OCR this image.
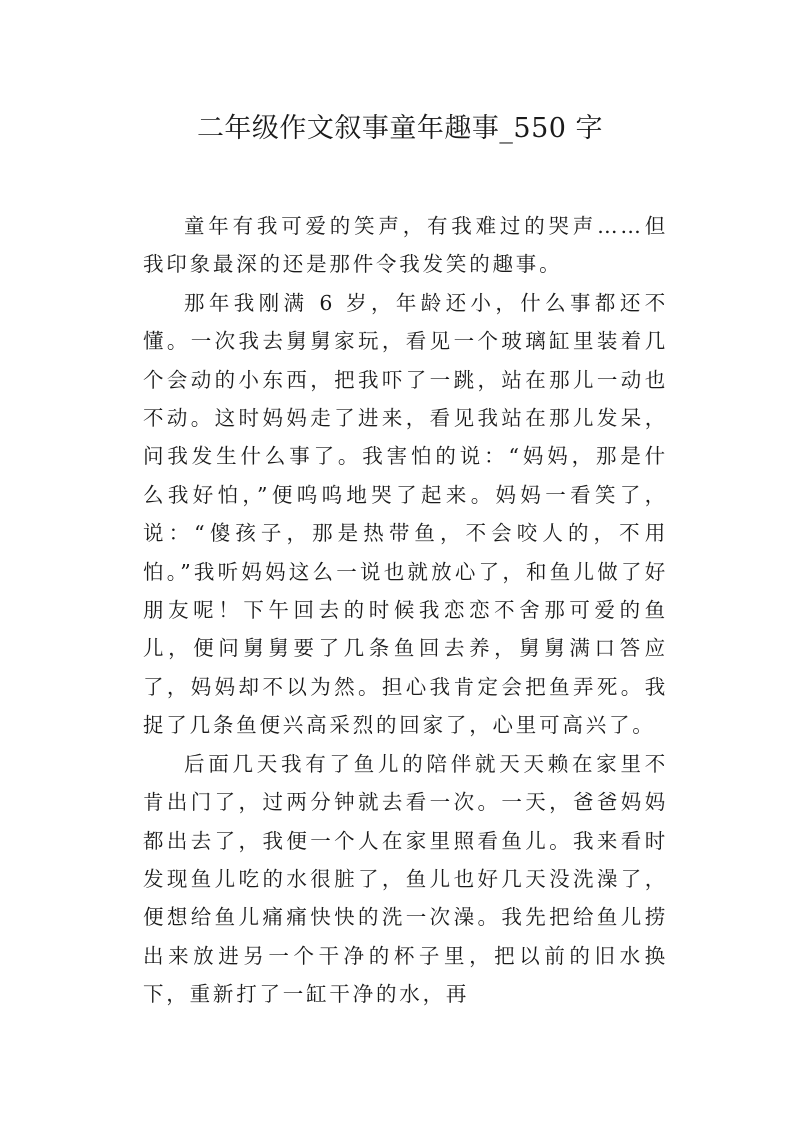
二年级作文叙事童年趣事_550 字

童年有我可爱的笑声，有我难过的哭声……但我印象最深的还是那件令我发笑的趣事。

那年我刚满 6 岁，年龄还小，什么事都还不懂。一次我去舅舅家玩，看见一个玻璃缸里装着几个会动的小东西，把我吓了一跳，站在那儿一动也不动。这时妈妈走了进来，看见我站在那儿发呆，问我发生什么事了。我害怕的说：“妈妈，那是什么我好怕，”便呜呜地哭了起来。妈妈一看笑了，说：“傻孩子，那是热带鱼，不会咬人的，不用怕。”我听妈妈这么一说也就放心了，和鱼儿做了好朋友呢！下午回去的时候我恋恋不舍那可爱的鱼儿，便问舅舅要了几条鱼回去养，舅舅满口答应了，妈妈却不以为然。担心我肯定会把鱼弄死。我捉了几条鱼便兴高采烈的回家了，心里可高兴了。

后面几天我有了鱼儿的陪伴就天天赖在家里不肯出门了，过两分钟就去看一次。一天，爸爸妈妈都出去了，我便一个人在家里照看鱼儿。我来看时发现鱼儿吃的水很脏了，鱼儿也好几天没洗澡了，便想给鱼儿痛痛快快的洗一次澡。我先把给鱼儿捞出来放进另一个干净的杯子里，把以前的旧水换下，重新打了一缸干净的水，再
